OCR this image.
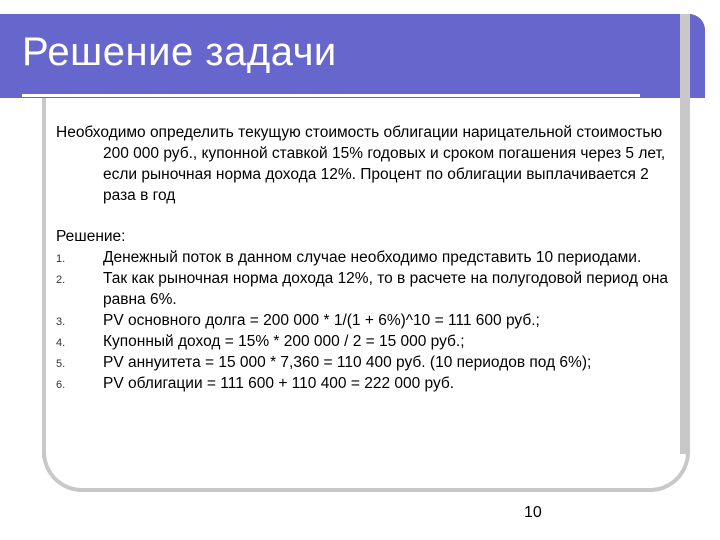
Решение задачи

Необходимо определить текущую стоимость облигации нарицательной стоимостью 200 000 руб., купонной ставкой 15% годовых и сроком погашения через 5 лет, если рыночная норма дохода 12%. Процент по облигации выплачивается 2 раза в год

Решение:

1. Денежный поток в данном случае необходимо представить 10 периодами.
2. Так как рыночная норма дохода 12%, то в расчете на полугодовой период она равна 6%.
3. PV основного долга = 200 000 * 1/(1 + 6%)^10 = 111 600 руб.;
4. Купонный доход = 15% * 200 000 / 2 = 15 000 руб.;
5. PV аннуитета = 15 000 * 7,360 = 110 400 руб. (10 периодов под 6%);
6. PV облигации = 111 600 + 110 400 = 222 000 руб.
10
